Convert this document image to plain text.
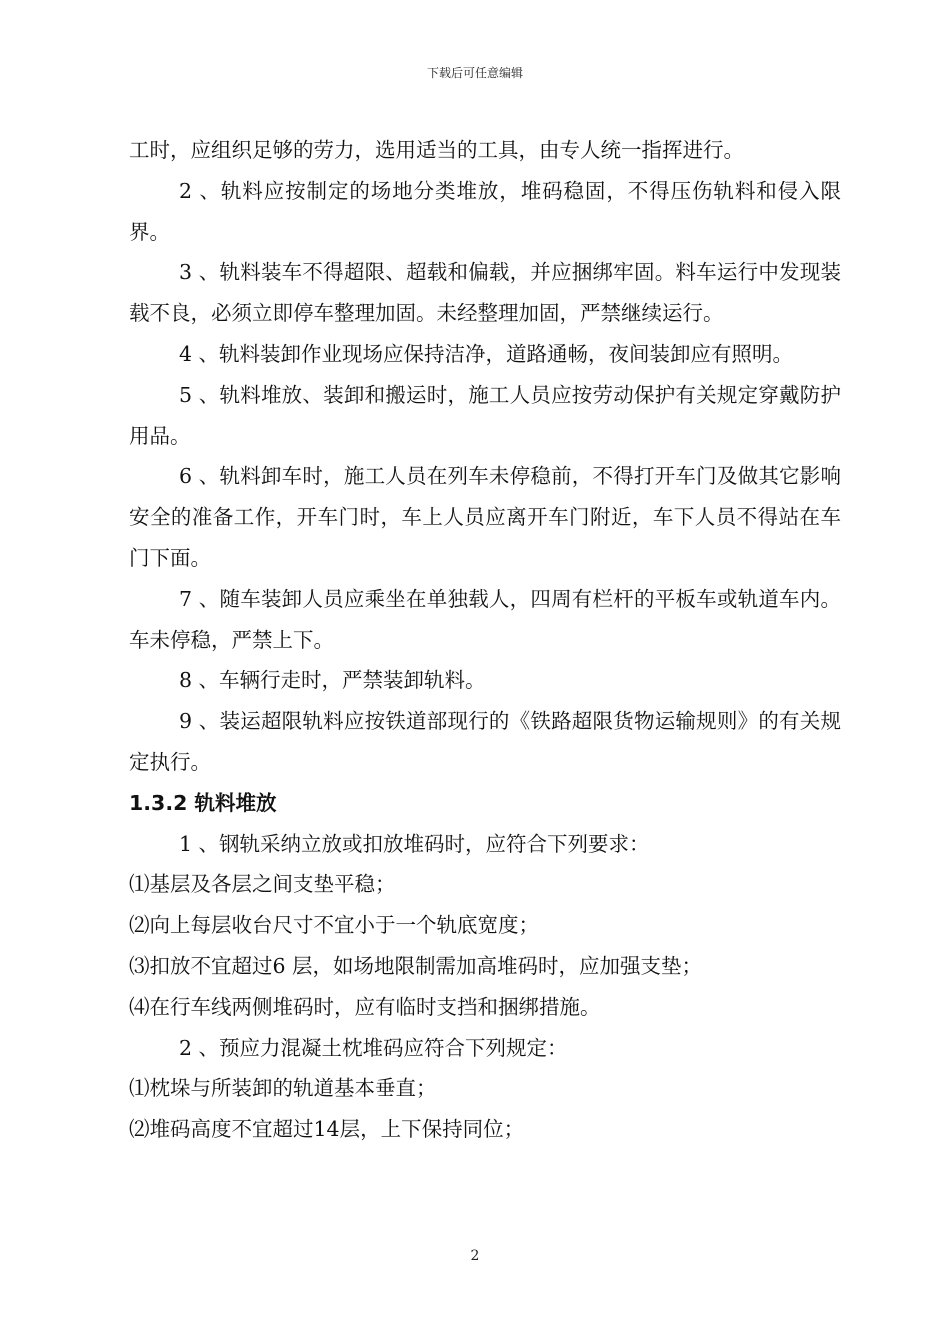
下载后可任意编辑

工时，应组织足够的劳力，选用适当的工具，由专人统一指挥进行。

2 、轨料应按制定的场地分类堆放，堆码稳固，不得压伤轨料和侵入限界。

3 、轨料装车不得超限、超载和偏载，并应捆绑牢固。料车运行中发现装载不良，必须立即停车整理加固。未经整理加固，严禁继续运行。

4 、轨料装卸作业现场应保持洁净，道路通畅，夜间装卸应有照明。

5 、轨料堆放、装卸和搬运时，施工人员应按劳动保护有关规定穿戴防护用品。

6 、轨料卸车时，施工人员在列车未停稳前，不得打开车门及做其它影响安全的准备工作，开车门时，车上人员应离开车门附近，车下人员不得站在车门下面。

7 、随车装卸人员应乘坐在单独载人，四周有栏杆的平板车或轨道车内。车未停稳，严禁上下。

8 、车辆行走时，严禁装卸轨料。

9 、装运超限轨料应按铁道部现行的《铁路超限货物运输规则》的有关规定执行。

1.3.2 轨料堆放

1 、钢轨采纳立放或扣放堆码时，应符合下列要求：

⑴基层及各层之间支垫平稳；

⑵向上每层收台尺寸不宜小于一个轨底宽度；

⑶扣放不宜超过6 层，如场地限制需加高堆码时，应加强支垫；

⑷在行车线两侧堆码时，应有临时支挡和捆绑措施。

2 、预应力混凝土枕堆码应符合下列规定：

⑴枕垛与所装卸的轨道基本垂直；

⑵堆码高度不宜超过14层，上下保持同位；

2
